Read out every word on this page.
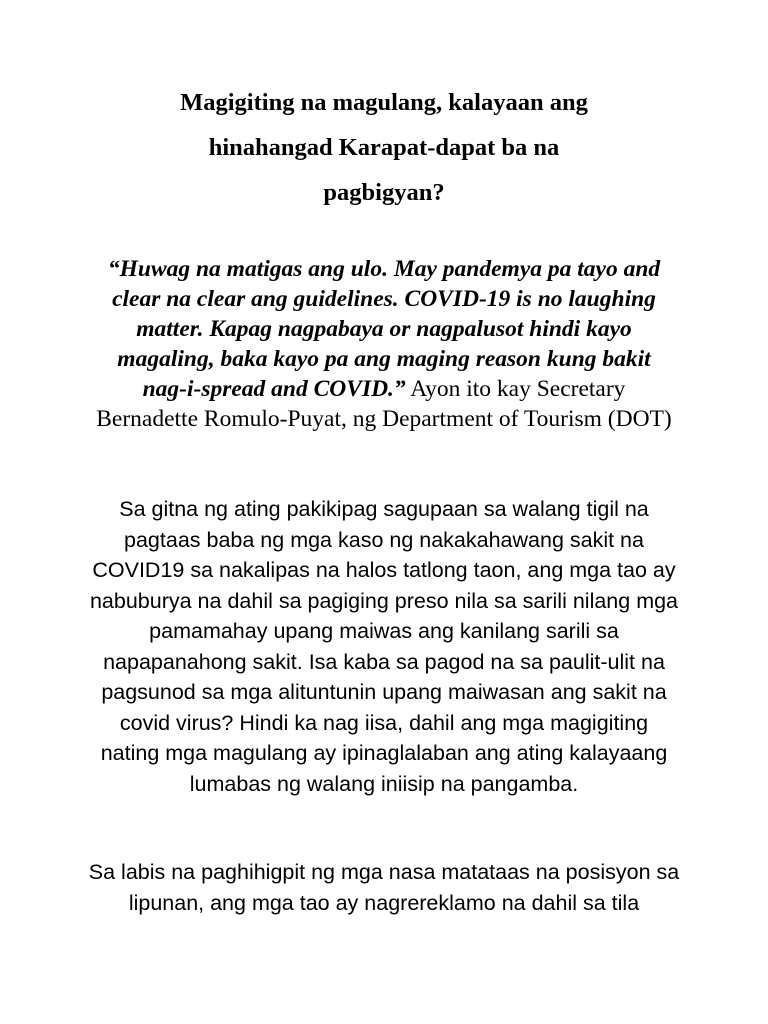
Magigiting na magulang, kalayaan ang
hinahangad Karapat-dapat ba na
pagbigyan?

“Huwag na matigas ang ulo. May pandemya pa tayo and
clear na clear ang guidelines. COVID-19 is no laughing
matter. Kapag nagpabaya or nagpalusot hindi kayo
magaling, baka kayo pa ang maging reason kung bakit
nag-i-spread and COVID.” Ayon ito kay Secretary
Bernadette Romulo-Puyat, ng Department of Tourism (DOT)

Sa gitna ng ating pakikipag sagupaan sa walang tigil na
pagtaas baba ng mga kaso ng nakakahawang sakit na
COVID19 sa nakalipas na halos tatlong taon, ang mga tao ay
nabuburya na dahil sa pagiging preso nila sa sarili nilang mga
pamamahay upang maiwas ang kanilang sarili sa
napapanahong sakit. Isa kaba sa pagod na sa paulit-ulit na
pagsunod sa mga alituntunin upang maiwasan ang sakit na
covid virus? Hindi ka nag iisa, dahil ang mga magigiting
nating mga magulang ay ipinaglalaban ang ating kalayaang
lumabas ng walang iniisip na pangamba.

Sa labis na paghihigpit ng mga nasa matataas na posisyon sa
lipunan, ang mga tao ay nagrereklamo na dahil sa tila
